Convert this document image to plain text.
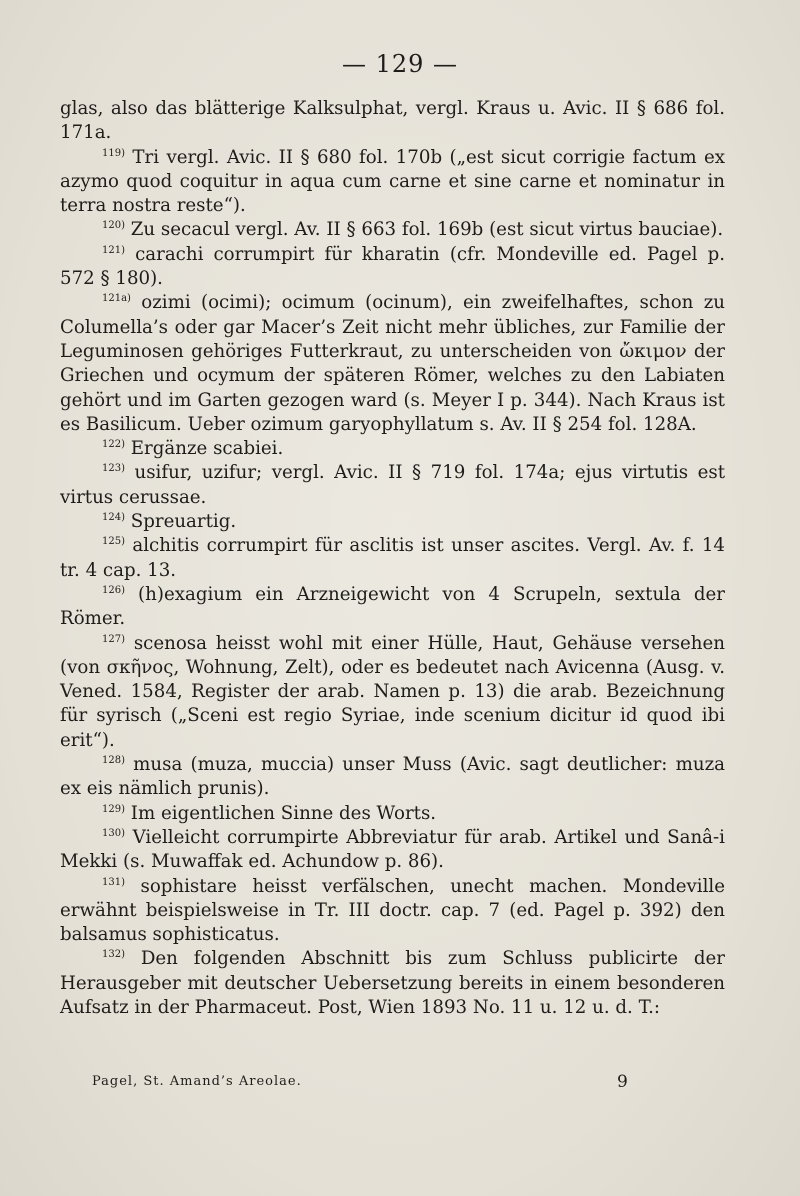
— 129 —

glas, also das blätterige Kalksulphat, vergl. Kraus u. Avic. II § 686 fol. 171a.

$^{119)}$ Tri vergl. Avic. II § 680 fol. 170b („est sicut corrigie factum ex azymo quod coquitur in aqua cum carne et sine carne et nominatur in terra nostra reste“).

$^{120)}$ Zu secacul vergl. Av. II § 663 fol. 169b (est sicut virtus bauciae).

$^{121)}$ carachi corrumpirt für kharatin (cfr. Mondeville ed. Pagel p. 572 § 180).

$^{121a)}$ ozimi (ocimi); ocimum (ocinum), ein zweifelhaftes, schon zu Columella’s oder gar Macer’s Zeit nicht mehr übliches, zur Familie der Leguminosen gehöriges Futterkraut, zu unterscheiden von ὤκιμον der Griechen und ocymum der späteren Römer, welches zu den Labiaten gehört und im Garten gezogen ward (s. Meyer I p. 344). Nach Kraus ist es Basilicum. Ueber ozimum garyophyllatum s. Av. II § 254 fol. 128A.

$^{122)}$ Ergänze scabiei.

$^{123)}$ usifur, uzifur; vergl. Avic. II § 719 fol. 174a; ejus virtutis est virtus cerussae.

$^{124)}$ Spreuartig.

$^{125)}$ alchitis corrumpirt für asclitis ist unser ascites. Vergl. Av. f. 14 tr. 4 cap. 13.

$^{126)}$ (h)exagium ein Arzneigewicht von 4 Scrupeln, sextula der Römer.

$^{127)}$ scenosa heisst wohl mit einer Hülle, Haut, Gehäuse versehen (von σκῆνος, Wohnung, Zelt), oder es bedeutet nach Avicenna (Ausg. v. Vened. 1584, Register der arab. Namen p. 13) die arab. Bezeichnung für syrisch („Sceni est regio Syriae, inde scenium dicitur id quod ibi erit“).

$^{128)}$ musa (muza, muccia) unser Muss (Avic. sagt deutlicher: muza ex eis nämlich prunis).

$^{129)}$ Im eigentlichen Sinne des Worts.

$^{130)}$ Vielleicht corrumpirte Abbreviatur für arab. Artikel und Sanâ-i Mekki (s. Muwaffak ed. Achundow p. 86).

$^{131)}$ sophistare heisst verfälschen, unecht machen. Mondeville erwähnt beispielsweise in Tr. III doctr. cap. 7 (ed. Pagel p. 392) den balsamus sophisticatus.

$^{132)}$ Den folgenden Abschnitt bis zum Schluss publicirte der Herausgeber mit deutscher Uebersetzung bereits in einem besonderen Aufsatz in der Pharmaceut. Post, Wien 1893 No. 11 u. 12 u. d. T.:

Pagel, St. Amand’s Areolae.	9
